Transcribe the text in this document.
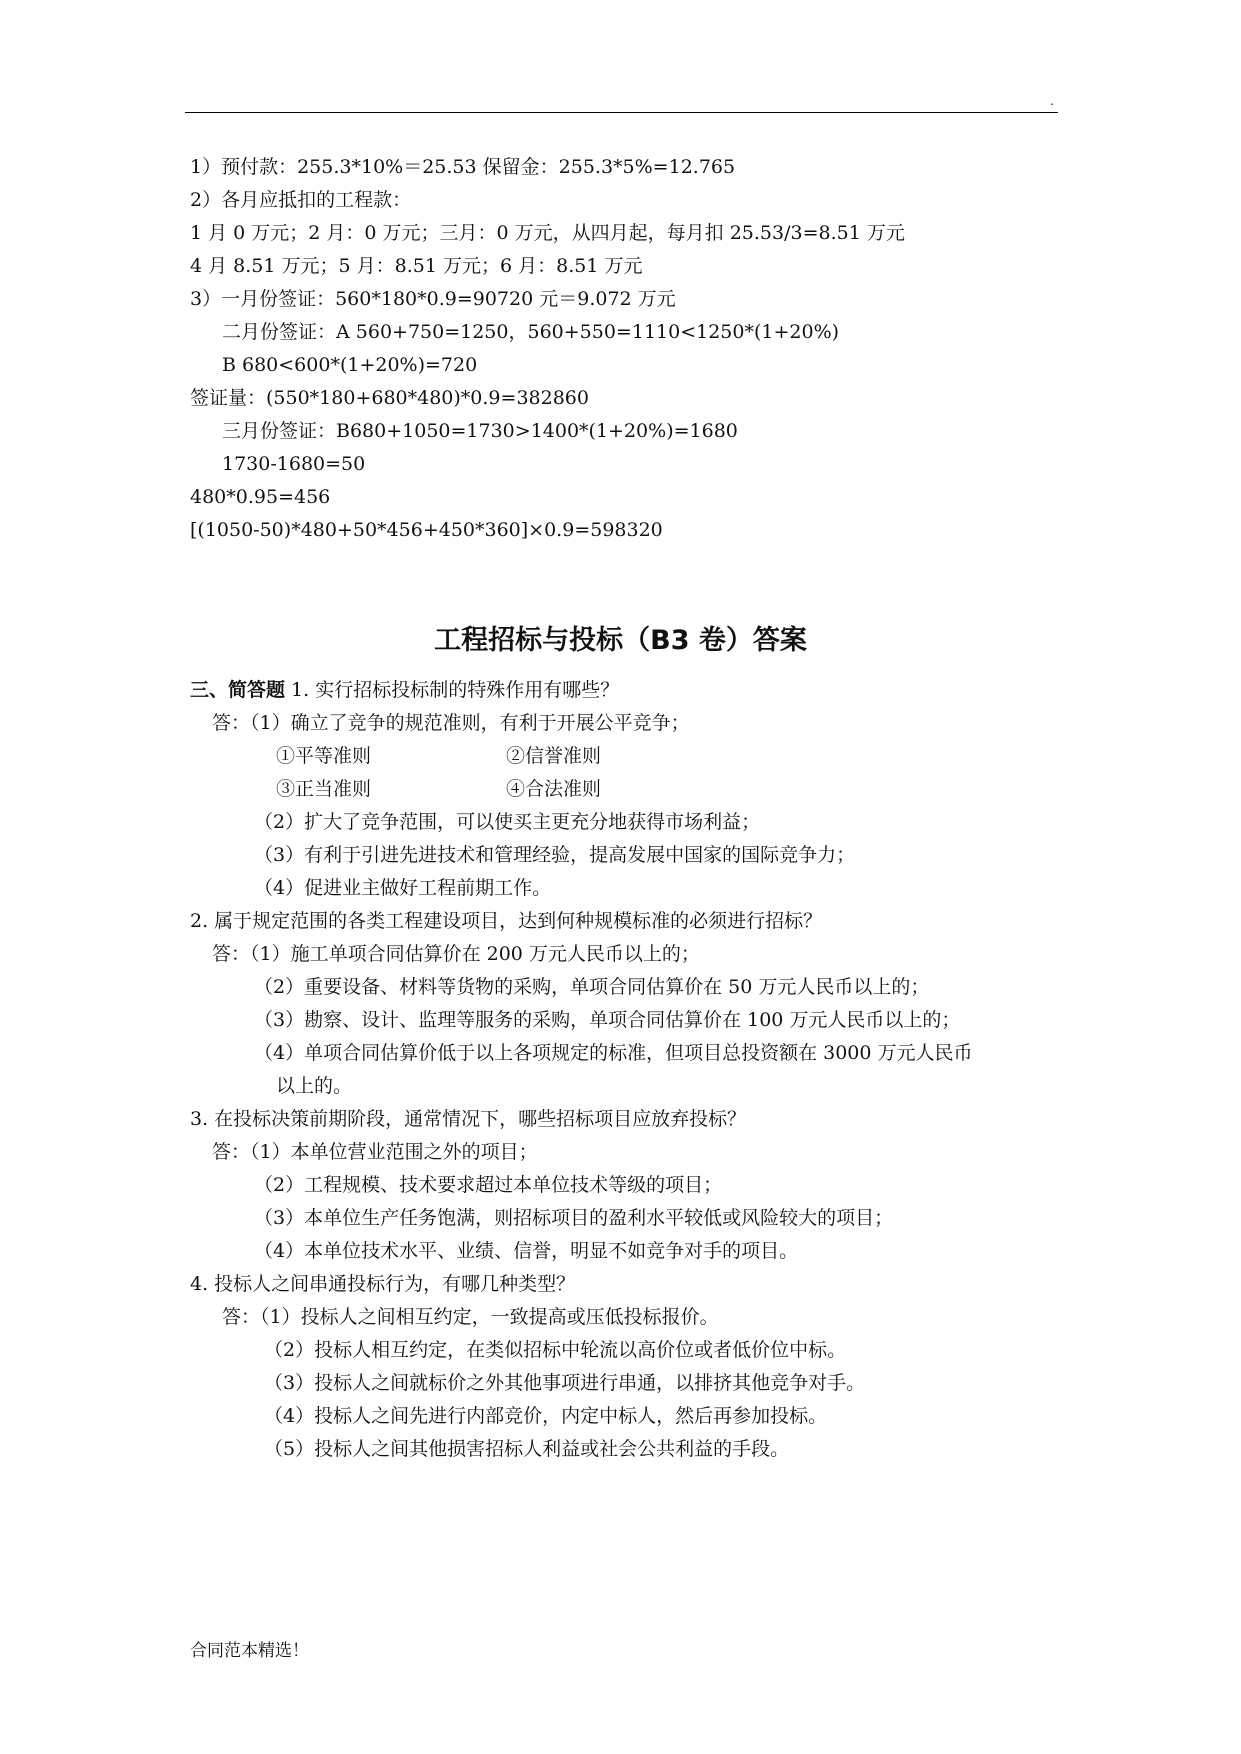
.
1）预付款：255.3*10%＝25.53 保留金：255.3*5%=12.765
2）各月应抵扣的工程款：
1 月 0 万元；2 月：0 万元；三月：0 万元，从四月起，每月扣 25.53/3=8.51 万元
4 月 8.51 万元；5 月：8.51 万元；6 月：8.51 万元
3）一月份签证：560*180*0.9=90720 元＝9.072 万元
二月份签证：A 560+750=1250，560+550=1110<1250*(1+20%)
B 680<600*(1+20%)=720
签证量：(550*180+680*480)*0.9=382860
三月份签证：B680+1050=1730>1400*(1+20%)=1680
1730-1680=50
480*0.95=456
[(1050-50)*480+50*456+450*360]×0.9=598320
工程招标与投标（B3 卷）答案
三、简答题 1. 实行招标投标制的特殊作用有哪些？
答：（1）确立了竞争的规范准则，有利于开展公平竞争；
①平等准则	②信誉准则
③正当准则	④合法准则
（2）扩大了竞争范围，可以使买主更充分地获得市场利益；
（3）有利于引进先进技术和管理经验，提高发展中国家的国际竞争力；
（4）促进业主做好工程前期工作。
2. 属于规定范围的各类工程建设项目，达到何种规模标准的必须进行招标？
答：（1）施工单项合同估算价在 200 万元人民币以上的；
（2）重要设备、材料等货物的采购，单项合同估算价在 50 万元人民币以上的；
（3）勘察、设计、监理等服务的采购，单项合同估算价在 100 万元人民币以上的；
（4）单项合同估算价低于以上各项规定的标准，但项目总投资额在 3000 万元人民币
以上的。
3. 在投标决策前期阶段，通常情况下，哪些招标项目应放弃投标？
答：（1）本单位营业范围之外的项目；
（2）工程规模、技术要求超过本单位技术等级的项目；
（3）本单位生产任务饱满，则招标项目的盈利水平较低或风险较大的项目；
（4）本单位技术水平、业绩、信誉，明显不如竞争对手的项目。
4. 投标人之间串通投标行为，有哪几种类型？
答：（1）投标人之间相互约定，一致提高或压低投标报价。
（2）投标人相互约定，在类似招标中轮流以高价位或者低价位中标。
（3）投标人之间就标价之外其他事项进行串通，以排挤其他竞争对手。
（4）投标人之间先进行内部竞价，内定中标人，然后再参加投标。
（5）投标人之间其他损害招标人利益或社会公共利益的手段。
合同范本精选！
